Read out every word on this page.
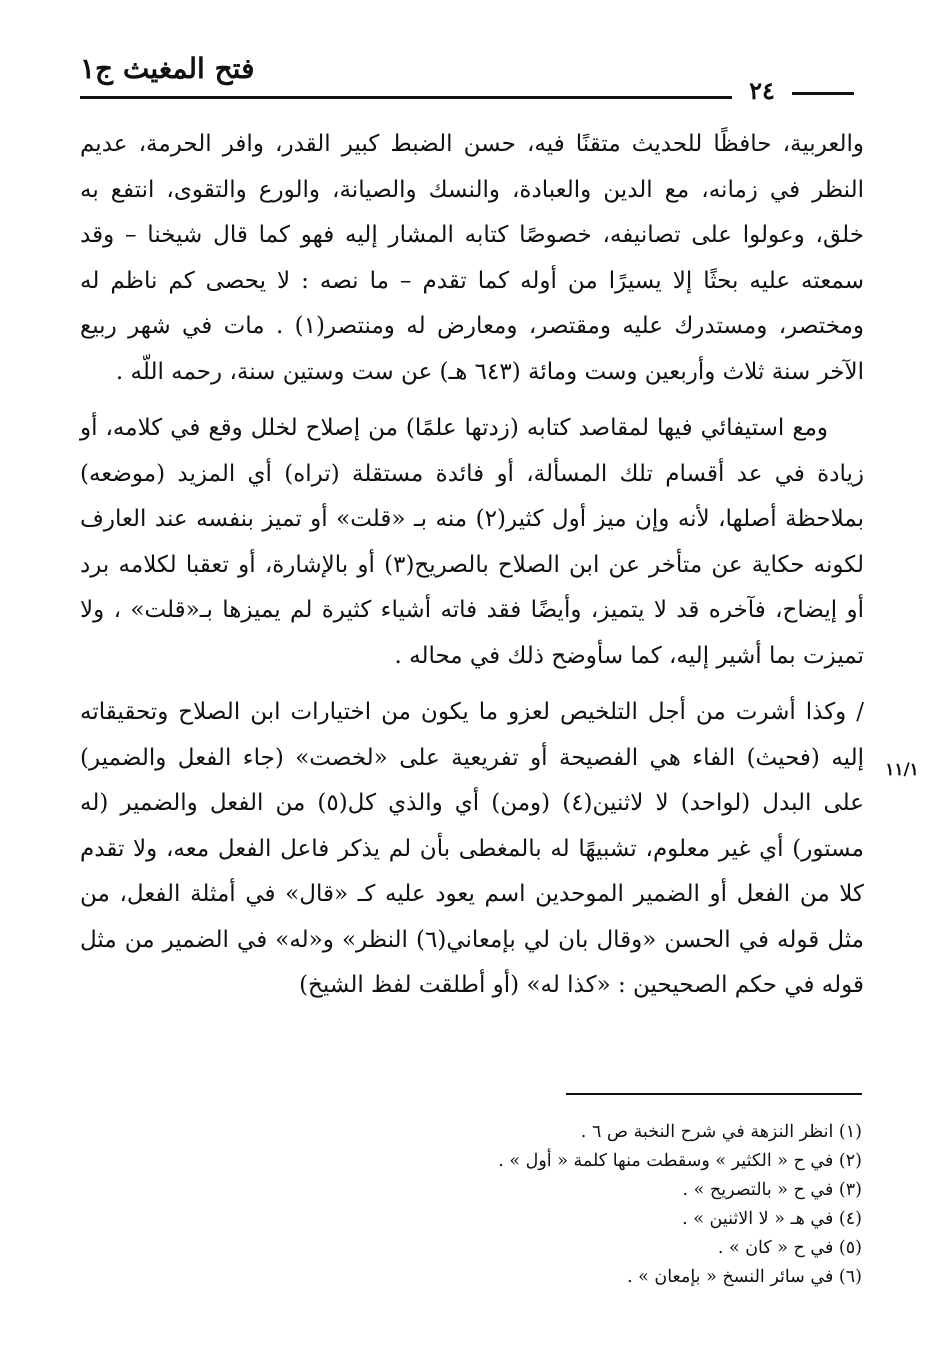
فتح المغيث ج١
٢٤
١١/١

والعربية، حافظًا للحديث متقنًا فيه، حسن الضبط كبير القدر، وافر الحرمة، عديم النظر في زمانه، مع الدين والعبادة، والنسك والصيانة، والورع والتقوى، انتفع به خلق، وعولوا على تصانيفه، خصوصًا كتابه المشار إليه فهو كما قال شيخنا – وقد سمعته عليه بحثًا إلا يسيرًا من أوله كما تقدم – ما نصه : لا يحصى كم ناظم له ومختصر، ومستدرك عليه ومقتصر، ومعارض له ومنتصر(١) . مات في شهر ربيع الآخر سنة ثلاث وأربعين وست ومائة (٦٤٣ هـ) عن ست وستين سنة، رحمه اللّه .

ومع استيفائي فيها لمقاصد كتابه (زدتها علمًا) من إصلاح لخلل وقع في كلامه، أو زيادة في عد أقسام تلك المسألة، أو فائدة مستقلة (تراه) أي المزيد (موضعه) بملاحظة أصلها، لأنه وإن ميز أول كثير(٢) منه بـ «قلت» أو تميز بنفسه عند العارف لكونه حكاية عن متأخر عن ابن الصلاح بالصريح(٣) أو بالإشارة، أو تعقبا لكلامه برد أو إيضاح، فآخره قد لا يتميز، وأيضًا فقد فاته أشياء كثيرة لم يميزها بـ«قلت» ، ولا تميزت بما أشير إليه، كما سأوضح ذلك في محاله .

/ وكذا أشرت من أجل التلخيص لعزو ما يكون من اختيارات ابن الصلاح وتحقيقاته إليه (فحيث) الفاء هي الفصيحة أو تفريعية على «لخصت» (جاء الفعل والضمير) على البدل (لواحد) لا لاثنين(٤) (ومن) أي والذي كل(٥) من الفعل والضمير (له مستور) أي غير معلوم، تشبيهًا له بالمغطى بأن لم يذكر فاعل الفعل معه، ولا تقدم كلا من الفعل أو الضمير الموحدين اسم يعود عليه كـ «قال» في أمثلة الفعل، من مثل قوله في الحسن «وقال بان لي بإمعاني(٦) النظر» و«له» في الضمير من مثل قوله في حكم الصحيحين : «كذا له» (أو أطلقت لفظ الشيخ)

(١) انظر النزهة في شرح النخبة ص ٦ .
(٢) في ح « الكثير » وسقطت منها كلمة « أول » .
(٣) في ح « بالتصريح » .
(٤) في هـ « لا الاثنين » .
(٥) في ح « كان » .
(٦) في سائر النسخ « بإمعان » .
